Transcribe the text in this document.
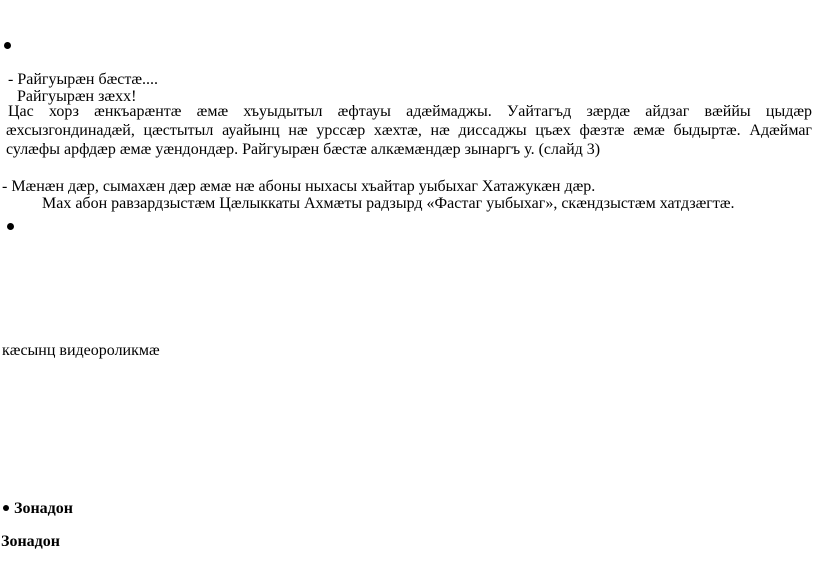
- Райгуырæн бæстæ....

Райгуырæн зæхх!

Цас хорз æнкъарæнтæ æмæ хъуыдытыл æфтауы адæймаджы. Уайтагъд зæрдæ айдзаг вæййы цыдæр æхсызгондинадæй, цæстытыл ауайынц нæ урссæр хæхтæ, нæ диссаджы цъæх фæзтæ æмæ быдыртæ. Адæймаг сулæфы арфдæр æмæ уæндондæр. Райгуырæн бæстæ алкæмæндæр зынаргъ у. (слайд 3)

- Мæнæн дæр, сымахæн дæр æмæ нæ абоны ныхасы хъайтар уыбыхаг Хатажукæн дæр.

Мах абон равзардзыстæм Цæлыккаты Ахмæты радзырд «Фастаг уыбыхаг», скæндзыстæм хатдзæгтæ.

кæсынц видеороликмæ

Зонадон

Зонадон
